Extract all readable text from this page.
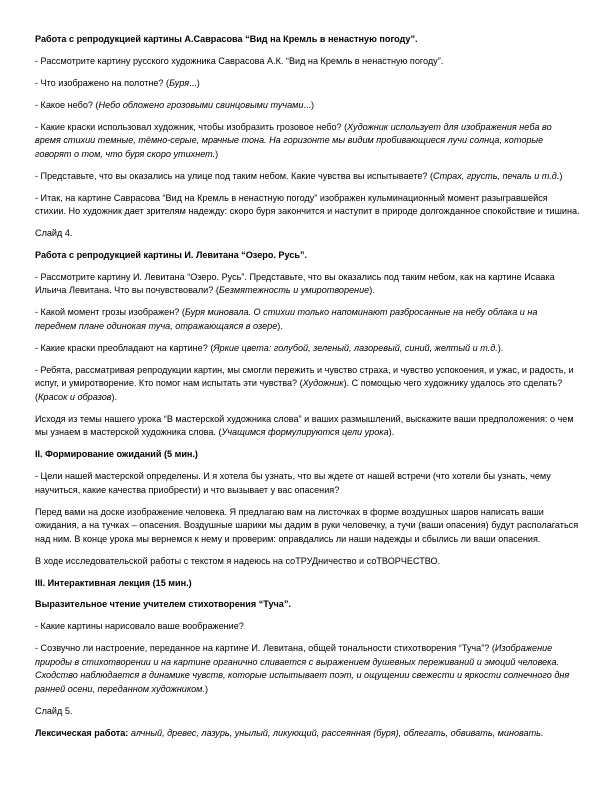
Работа с репродукцией картины А.Саврасова “Вид на Кремль в ненастную погоду”.

- Рассмотрите картину русского художника Саврасова А.К. “Вид на Кремль в ненастную погоду”.

- Что изображено на полотне? (Буря...)

- Какое небо? (Небо обложено грозовыми свинцовыми тучами...)

- Какие краски использовал художник, чтобы изобразить грозовое небо? (Художник использует для изображения неба во время стихии темные, тёмно-серые, мрачные тона. На горизонте мы видим пробивающиеся лучи солнца, которые говорят о том, что буря скоро утихнет.)

- Представьте, что вы оказались на улице под таким небом. Какие чувства вы испытываете? (Страх, грусть, печаль и т.д.)

- Итак, на картине Саврасова “Вид на Кремль в ненастную погоду” изображен кульминационный момент разыгравшейся стихии. Но художник дает зрителям надежду: скоро буря закончится и наступит в природе долгожданное спокойствие и тишина.

Слайд 4.

Работа с репродукцией картины И. Левитана “Озеро. Русь”.

- Рассмотрите картину И. Левитана “Озеро. Русь”. Представьте, что вы оказались под таким небом, как на картине Исаака Ильича Левитана. Что вы почувствовали? (Безмятежность и умиротворение).

- Какой момент грозы изображен? (Буря миновала. О стихии только напоминают разбросанные на небу облака и на переднем плане одинокая туча, отражающаяся в озере).

- Какие краски преобладают на картине? (Яркие цвета: голубой, зеленый, лазоревый, синий, желтый и т.д.).

- Ребята, рассматривая репродукции картин, мы смогли пережить и чувство страха, и чувство успокоения, и ужас, и радость, и испуг, и умиротворение. Кто помог нам испытать эти чувства? (Художник). С помощью чего художнику удалось это сделать? (Красок и образов).

Исходя из темы нашего урока “В мастерской художника слова” и ваших размышлений, выскажите ваши предположения: о чем мы узнаем в мастерской художника слова. (Учащимся формулируются цели урока).

II. Формирование ожиданий (5 мин.)

- Цели нашей мастерской определены. И я хотела бы узнать, что вы ждете от нашей встречи (что хотели бы узнать, чему научиться, какие качества приобрести) и что вызывает у вас опасения?

Перед вами на доске изображение человека. Я предлагаю вам на листочках в форме воздушных шаров написать ваши ожидания, а на тучках – опасения. Воздушные шарики мы дадим в руки человечку, а тучи (ваши опасения) будут располагаться над ним. В конце урока мы вернемся к нему и проверим: оправдались ли наши надежды и сбылись ли ваши опасения.

В ходе исследовательской работы с текстом я надеюсь на соТРУДничество и соТВОРЧЕСТВО.

III. Интерактивная лекция (15 мин.)

Выразительное чтение учителем стихотворения “Туча”.

- Какие картины нарисовало ваше воображение?

- Созвучно ли настроение, переданное на картине И. Левитана, общей тональности стихотворения “Туча”? (Изображение природы в стихотворении и на картине органично сливается с выражением душевных переживаний и эмоций человека. Сходство наблюдается в динамике чувств, которые испытывает поэт, и ощущении свежести и яркости солнечного дня ранней осени, переданном художником.)

Слайд 5.

Лексическая работа: алчный, древес, лазурь, унылый, ликующий, рассеянная (буря), облегать, обвивать, миновать.
